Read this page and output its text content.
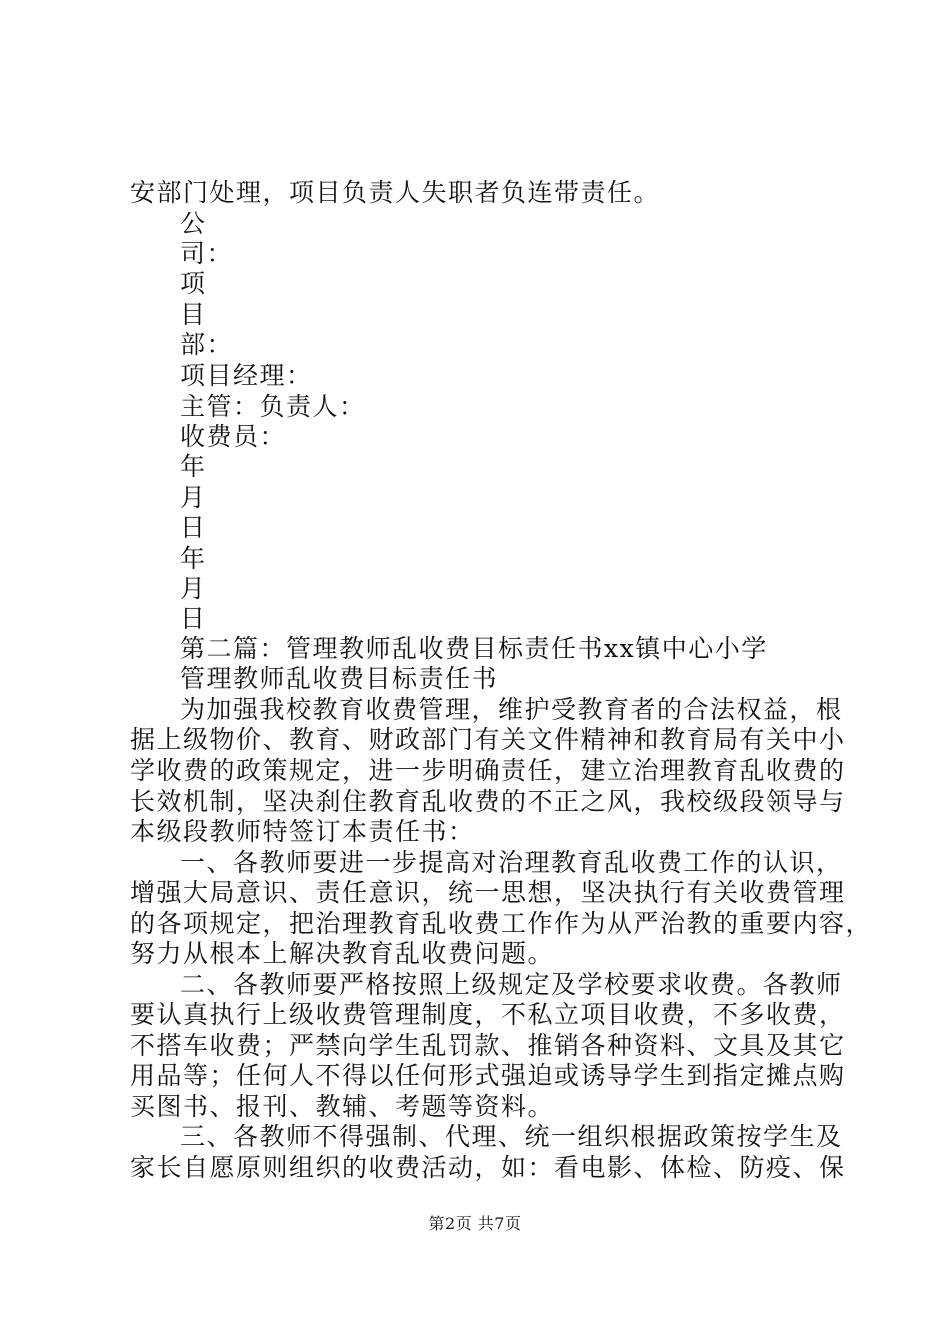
安部门处理，项目负责人失职者负连带责任。
公
司：
项
目
部：
项目经理：
主管：负责人：
收费员：
年
月
日
年
月
日
第二篇：管理教师乱收费目标责任书xx镇中心小学
管理教师乱收费目标责任书
为加强我校教育收费管理，维护受教育者的合法权益，根
据上级物价、教育、财政部门有关文件精神和教育局有关中小
学收费的政策规定，进一步明确责任，建立治理教育乱收费的
长效机制，坚决刹住教育乱收费的不正之风，我校级段领导与
本级段教师特签订本责任书：
一、各教师要进一步提高对治理教育乱收费工作的认识，
增强大局意识、责任意识，统一思想，坚决执行有关收费管理
的各项规定，把治理教育乱收费工作作为从严治教的重要内容，
努力从根本上解决教育乱收费问题。
二、各教师要严格按照上级规定及学校要求收费。各教师
要认真执行上级收费管理制度，不私立项目收费，不多收费，
不搭车收费；严禁向学生乱罚款、推销各种资料、文具及其它
用品等；任何人不得以任何形式强迫或诱导学生到指定摊点购
买图书、报刊、教辅、考题等资料。
三、各教师不得强制、代理、统一组织根据政策按学生及
家长自愿原则组织的收费活动，如：看电影、体检、防疫、保
第2页 共7页
